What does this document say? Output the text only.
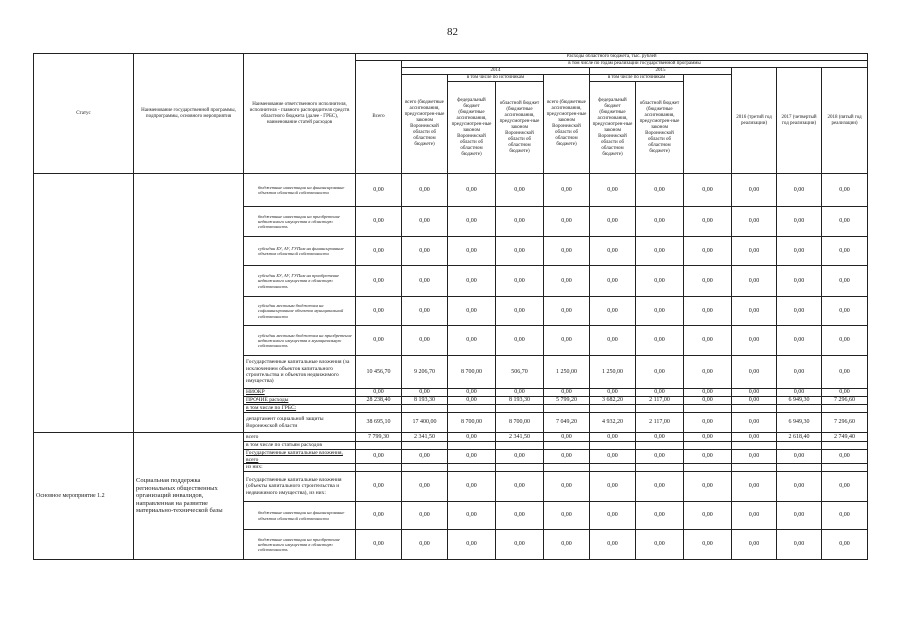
82
Статус	Наименование государственной программы, подпрограммы, основного мероприятия	Наименование ответственного исполнителя, исполнителя - главного распорядителя средств областного бюджета (далее - ГРБС), наименование статей расходов	Расходы областного бюджета, тыс. рублей											
			Всего	в том числе по годам реализации государственной программы										
				2014				2015			2016 (третий год реализации)	2017 (четвертый год реализации)	2018 (пятый год реализации)	
				всего (бюджетные ассигнования, предусмотрен-ные законом Воронежской области об областном бюджете)	в том числе по источникам		всего (бюджетные ассигнования, предусмотрен-ные законом Воронежской области об областном бюджете)	в том числе по источникам						
					федеральный бюджет (бюджетные ассигнования, предусмотрен-ные законом Воронежской области об областном бюджете)	областной бюджет (бюджетные ассигнования, предусмотрен-ные законом Воронежской области об областном бюджете)		федеральный бюджет (бюджетные ассигнования, предусмотрен-ные законом Воронежской области об областном бюджете)	областной бюджет (бюджетные ассигнования, предусмотрен-ные законом Воронежской области об областном бюджете)					

		бюджетные инвестиции на финансирование объектов областной собственности	0,00	0,00	0,00	0,00	0,00	0,00	0,00	0,00	0,00	0,00	0,00	
		бюджетные инвестиции на приобретение недвижимого имущества в областную собственность	0,00	0,00	0,00	0,00	0,00	0,00	0,00	0,00	0,00	0,00	0,00	
		субсидии БУ, АУ, ГУПам на финансирование объектов областной собственности	0,00	0,00	0,00	0,00	0,00	0,00	0,00	0,00	0,00	0,00	0,00	
		субсидии БУ, АУ, ГУПам на приобретение недвижимого имущества в областную собственность	0,00	0,00	0,00	0,00	0,00	0,00	0,00	0,00	0,00	0,00	0,00	
		субсидии местным бюджетам на софинансирование объектов муниципальной собственности	0,00	0,00	0,00	0,00	0,00	0,00	0,00	0,00	0,00	0,00	0,00	
		субсидии местным бюджетам на приобретение недвижимого имущества в муниципальную собственность	0,00	0,00	0,00	0,00	0,00	0,00	0,00	0,00	0,00	0,00	0,00	
		Государственные капитальные вложения (за исключением объектов капитального строительства и объектов недвижимого имущества)	10 456,70	9 206,70	8 700,00	506,70	1 250,00	1 250,00	0,00	0,00	0,00	0,00	0,00	
		НИОКР	0,00	0,00	0,00	0,00	0,00	0,00	0,00	0,00	0,00	0,00	0,00	
		ПРОЧИЕ расходы	28 238,40	8 193,30	0,00	8 193,30	5 799,20	3 682,20	2 117,00	0,00	0,00	6 949,30	7 296,60	
		в том числе по ГРБС:												
		департамент социальной защиты Воронежской области	38 695,10	17 400,00	8 700,00	8 700,00	7 049,20	4 932,20	2 117,00	0,00	0,00	6 949,30	7 296,60	
Основное мероприятие 1.2	Социальная поддержка региональных общественных организаций инвалидов, направленная на развитие материально-технической базы	всего	7 799,30	2 341,50	0,00	2 341,50	0,00	0,00	0,00	0,00	0,00	2 618,40	2 749,40	
		в том числе по статьям расходов												
		Государственные капитальные вложения, всего	0,00	0,00	0,00	0,00	0,00	0,00	0,00	0,00	0,00	0,00	0,00	
		из них:												
		Государственные капитальные вложения (объекты капитального строительства и недвижимого имущества), из них:	0,00	0,00	0,00	0,00	0,00	0,00	0,00	0,00	0,00	0,00	0,00	
		бюджетные инвестиции на финансирование объектов областной собственности	0,00	0,00	0,00	0,00	0,00	0,00	0,00	0,00	0,00	0,00	0,00	
		бюджетные инвестиции на приобретение недвижимого имущества в областную собственность	0,00	0,00	0,00	0,00	0,00	0,00	0,00	0,00	0,00	0,00	0,00	
